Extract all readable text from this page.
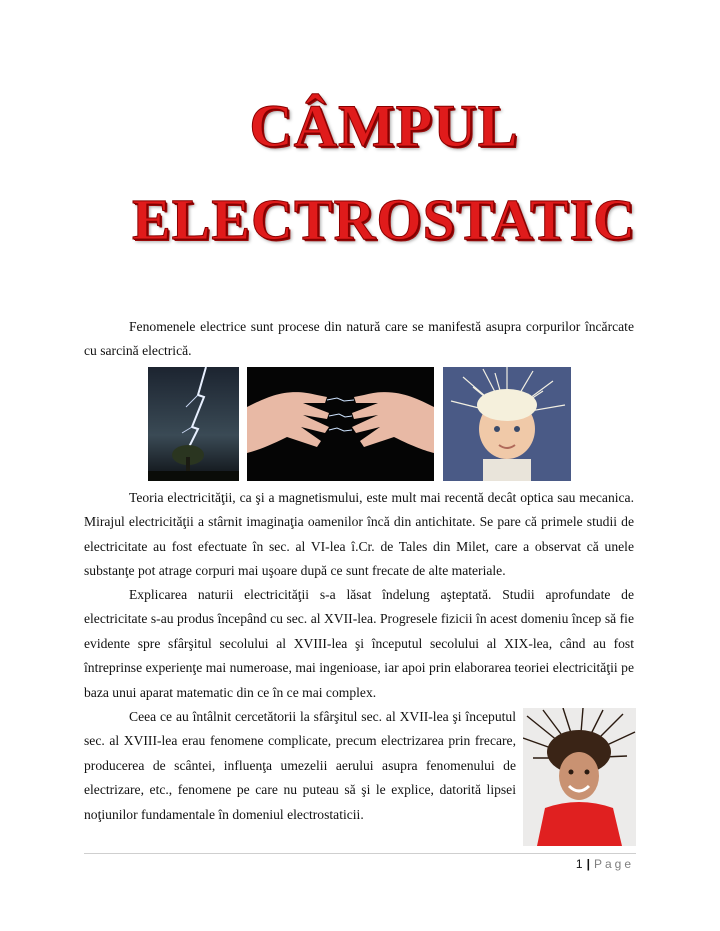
CÂMPUL
ELECTROSTATIC

Fenomenele electrice sunt procese din natură care se manifestă asupra corpurilor încărcate cu sarcină electrică.

Teoria electricităţii, ca şi a magnetismului, este mult mai recentă decât optica sau mecanica. Mirajul electricităţii a stârnit imaginaţia oamenilor încă din antichitate. Se pare că primele studii de electricitate au fost efectuate în sec. al VI-lea î.Cr. de Tales din Milet, care a observat că unele substanţe pot atrage corpuri mai uşoare după ce sunt frecate de alte materiale.

Explicarea naturii electricităţii s-a lăsat îndelung aşteptată. Studii aprofundate de electricitate s-au produs începând cu sec. al XVII-lea. Progresele fizicii în acest domeniu încep să fie evidente spre sfârşitul secolului al XVIII-lea şi începutul secolului al XIX-lea, când au fost întreprinse experienţe mai numeroase, mai ingenioase, iar apoi prin elaborarea teoriei electricităţii pe baza unui aparat matematic din ce în ce mai complex.

Ceea ce au întâlnit cercetătorii la sfârşitul sec. al XVII-lea şi începutul sec. al XVIII-lea erau fenomene complicate, precum electrizarea prin frecare, producerea de scântei, influenţa umezelii aerului asupra fenomenului de electrizare, etc., fenomene pe care nu puteau să şi le explice, datorită lipsei noţiunilor fundamentale în domeniul electrostaticii.

1 | Page
